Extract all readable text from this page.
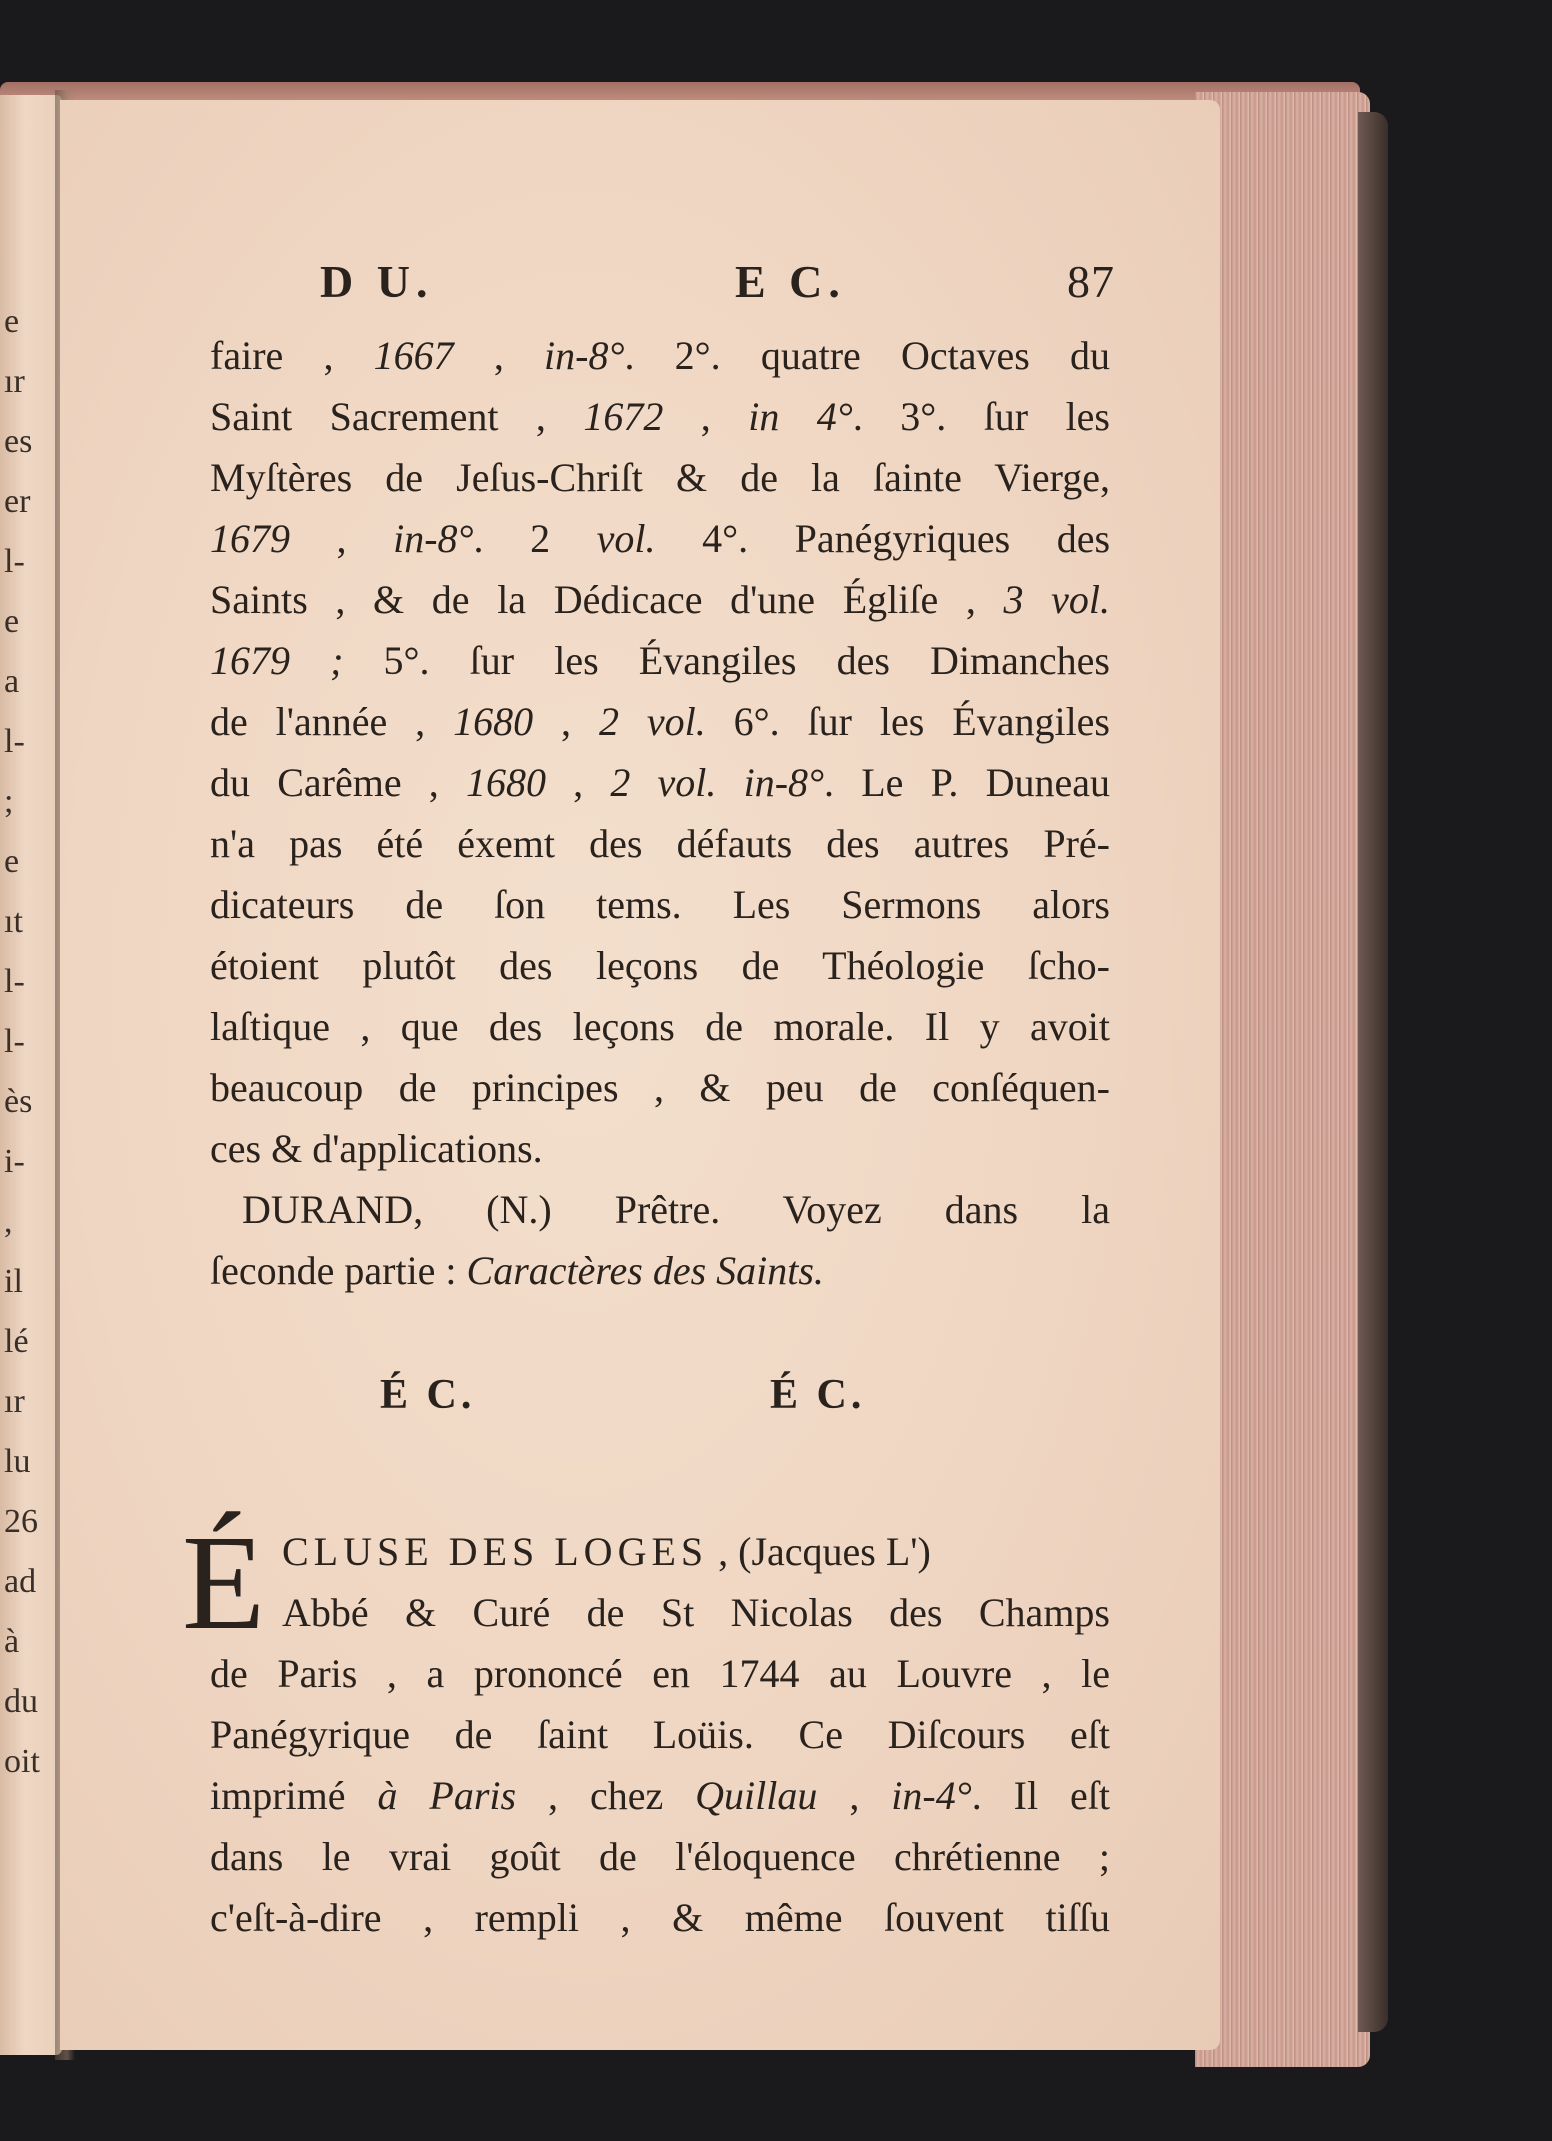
e
ır
es
er
l-
e
a
l-
;
e
ıt
l-
l-
ès
i-
,
il
lé
ır
lu
26
ad
à
du
oit
D U.	E C.	87
faire , 1667 , in-8°. 2°. quatre Octaves du
Saint Sacrement , 1672 , in 4°. 3°. ſur les
Myſtères de Jeſus-Chriſt & de la ſainte Vierge,
1679 , in-8°. 2 vol. 4°. Panégyriques des
Saints , & de la Dédicace d'une Égliſe , 3 vol.
1679 ; 5°. ſur les Évangiles des Dimanches
de l'année , 1680 , 2 vol. 6°. ſur les Évangiles
du Carême , 1680 , 2 vol. in-8°. Le P. Duneau
n'a pas été éxemt des défauts des autres Pré-
dicateurs de ſon tems. Les Sermons alors
étoient plutôt des leçons de Théologie ſcho-
laſtique , que des leçons de morale. Il y avoit
beaucoup de principes , & peu de conſéquen-
ces & d'applications.

DURAND, (N.) Prêtre. Voyez dans la
ſeconde partie : Caractères des Saints.

É C.	É C.
É CLUSE DES LOGES , (Jacques L')
Abbé & Curé de St Nicolas des Champs
de Paris , a prononcé en 1744 au Louvre , le
Panégyrique de ſaint Loüis. Ce Diſcours eſt
imprimé à Paris , chez Quillau , in-4°. Il eſt
dans le vrai goût de l'éloquence chrétienne ;
c'eſt-à-dire , rempli , & même ſouvent tiſſu
